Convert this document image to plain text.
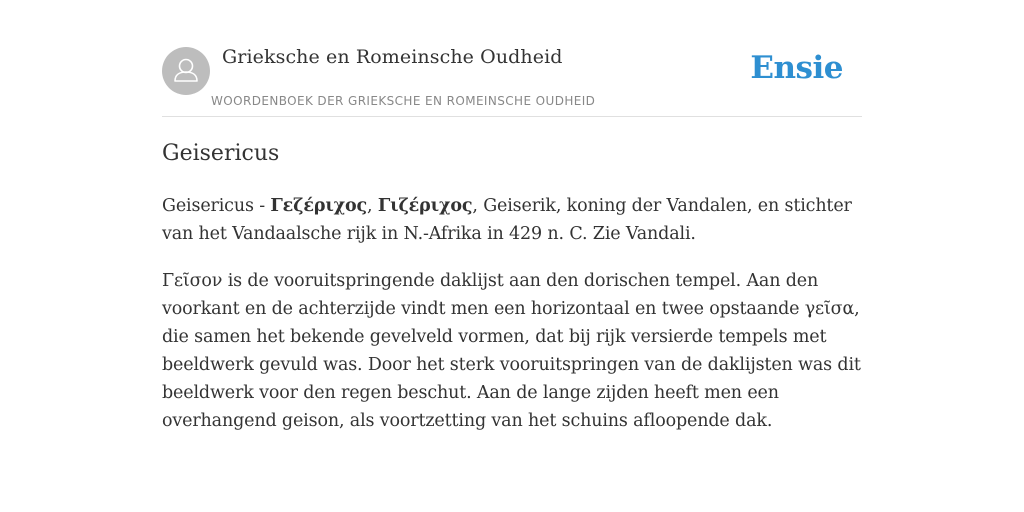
Grieksche en Romeinsche Oudheid
WOORDENBOEK DER GRIEKSCHE EN ROMEINSCHE OUDHEID
Ensie
Geisericus

Geisericus - Γεζέριχος, Γιζέριχος, Geiserik, koning der Vandalen, en stichter van het Vandaalsche rijk in N.-Afrika in 429 n. C. Zie Vandali.

Γεῖσον is de vooruitspringende daklijst aan den dorischen tempel. Aan den voorkant en de achterzijde vindt men een horizontaal en twee opstaande γεῖσα, die samen het bekende gevelveld vormen, dat bij rijk versierde tempels met beeldwerk gevuld was. Door het sterk vooruitspringen van de daklijsten was dit beeldwerk voor den regen beschut. Aan de lange zijden heeft men een overhangend geison, als voortzetting van het schuins afloopende dak.
